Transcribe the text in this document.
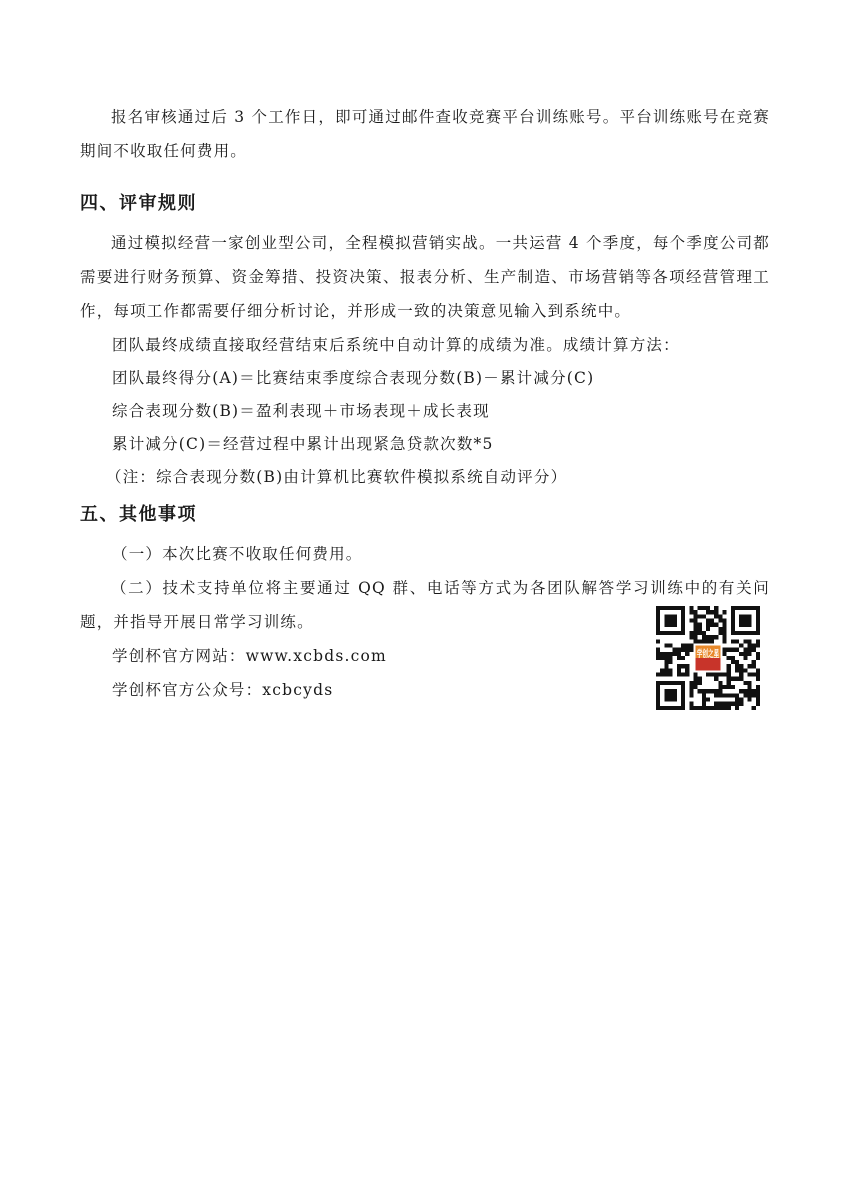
报名审核通过后 3 个工作日，即可通过邮件查收竞赛平台训练账号。平台训练账号在竞赛期间不收取任何费用。

四、评审规则

通过模拟经营一家创业型公司，全程模拟营销实战。一共运营 4 个季度，每个季度公司都需要进行财务预算、资金筹措、投资决策、报表分析、生产制造、市场营销等各项经营管理工作，每项工作都需要仔细分析讨论，并形成一致的决策意见输入到系统中。

团队最终成绩直接取经营结束后系统中自动计算的成绩为准。成绩计算方法：

团队最终得分(A)＝比赛结束季度综合表现分数(B)－累计减分(C)

综合表现分数(B)＝盈利表现＋市场表现＋成长表现

累计减分(C)＝经营过程中累计出现紧急贷款次数*5

（注：综合表现分数(B)由计算机比赛软件模拟系统自动评分）

五、其他事项

（一）本次比赛不收取任何费用。

（二）技术支持单位将主要通过 QQ 群、电话等方式为各团队解答学习训练中的有关问题，并指导开展日常学习训练。

学创杯官方网站：www.xcbds.com

学创杯官方公众号：xcbcyds

学创之星
